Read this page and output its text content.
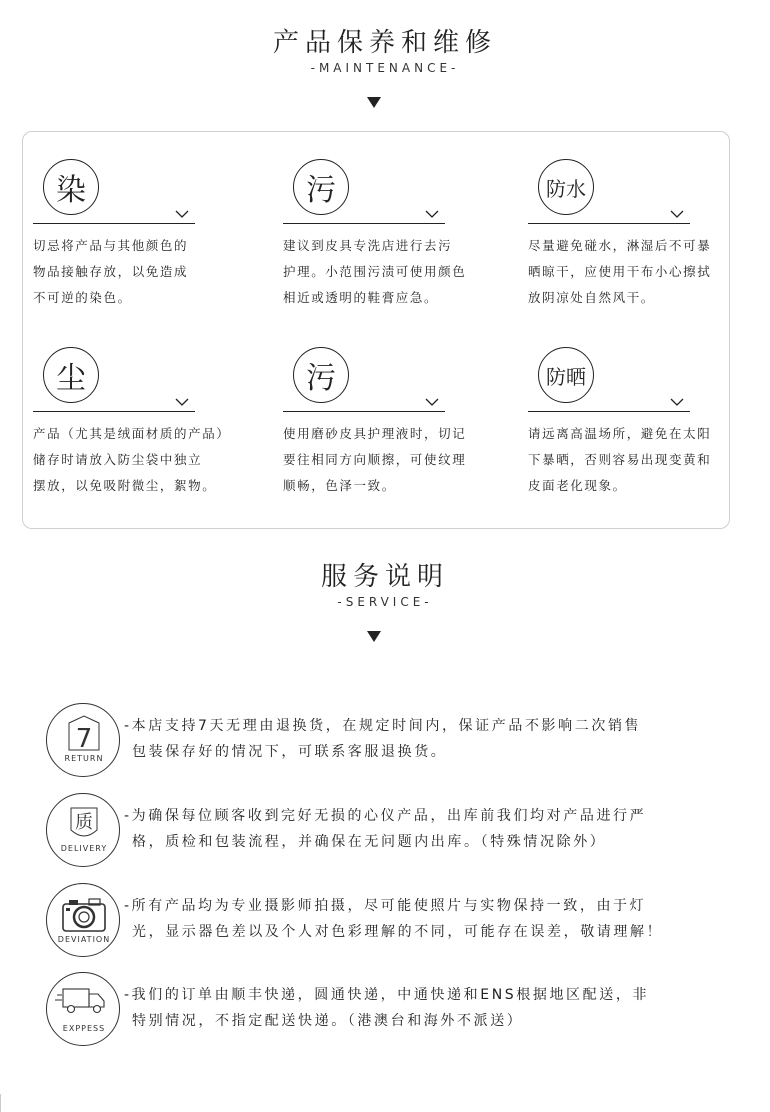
产品保养和维修
-MAINTENANCE-
染
切忌将产品与其他颜色的
物品接触存放，以免造成
不可逆的染色。
污
建议到皮具专洗店进行去污
护理。小范围污渍可使用颜色
相近或透明的鞋膏应急。
防水
尽量避免碰水，淋湿后不可暴
晒晾干，应使用干布小心擦拭
放阴凉处自然风干。
尘
产品（尤其是绒面材质的产品）
储存时请放入防尘袋中独立
摆放，以免吸附微尘，絮物。
污
使用磨砂皮具护理液时，切记
要往相同方向顺擦，可使纹理
顺畅，色泽一致。
防晒
请远离高温场所，避免在太阳
下暴晒，否则容易出现变黄和
皮面老化现象。
服务说明
-SERVICE-
7
RETURN
-本店支持7天无理由退换货，在规定时间内，保证产品不影响二次销售
包装保存好的情况下，可联系客服退换货。
质
DELIVERY
-为确保每位顾客收到完好无损的心仪产品，出库前我们均对产品进行严
格，质检和包装流程，并确保在无问题内出库。（特殊情况除外）
DEVIATION
-所有产品均为专业摄影师拍摄，尽可能使照片与实物保持一致，由于灯
光，显示器色差以及个人对色彩理解的不同，可能存在误差，敬请理解！
EXPPESS
-我们的订单由顺丰快递，圆通快递，中通快递和ENS根据地区配送，非
特别情况，不指定配送快递。（港澳台和海外不派送）
